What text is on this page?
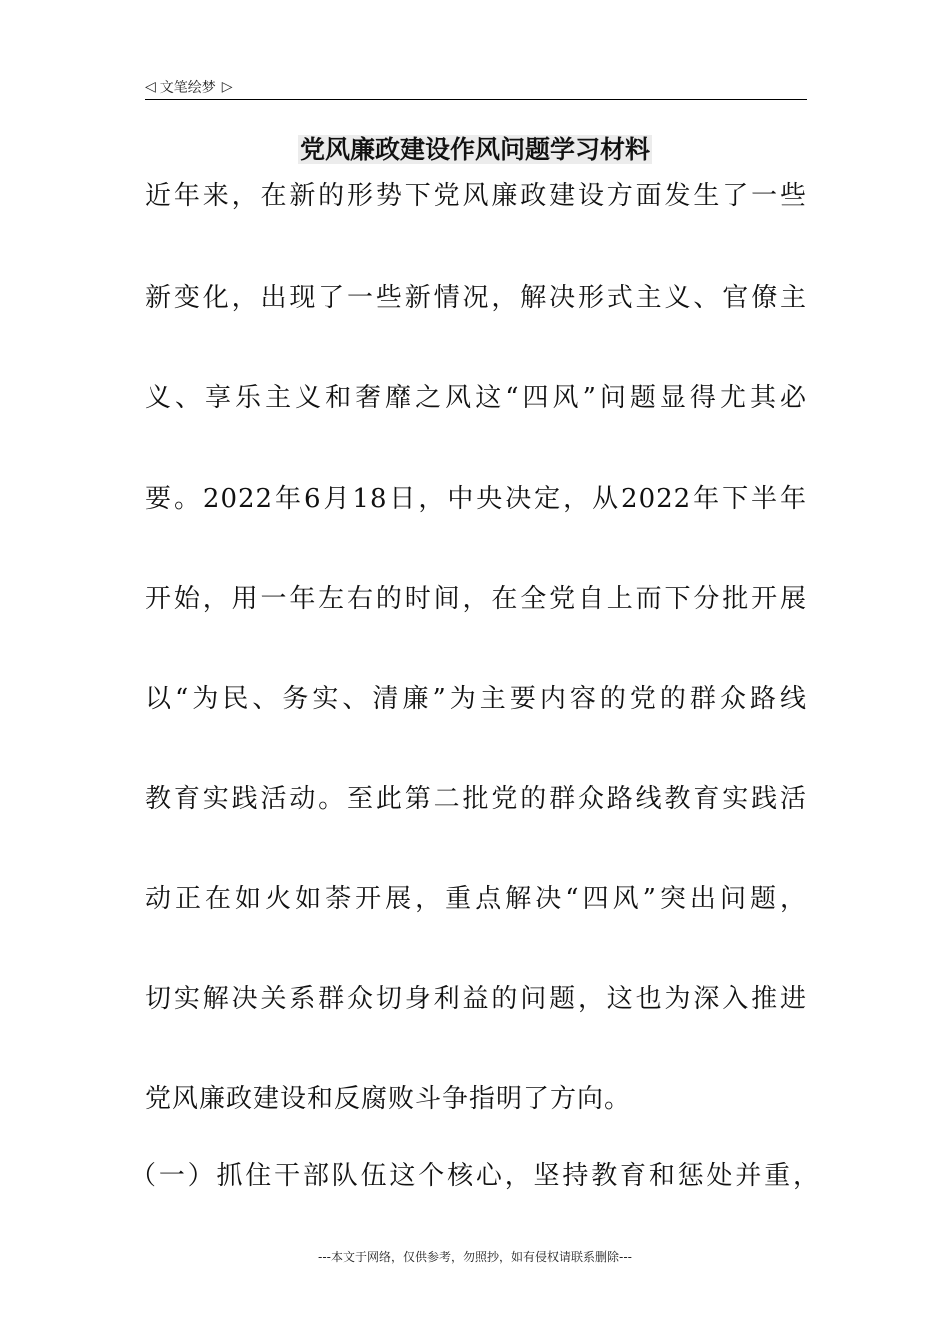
◁ 文笔绘梦 ▷
党风廉政建设作风问题学习材料
近年来，在新的形势下党风廉政建设方面发生了一些
新变化，出现了一些新情况，解决形式主义、官僚主
义、享乐主义和奢靡之风这“四风”问题显得尤其必
要。2022年6月18日，中央决定，从2022年下半年
开始，用一年左右的时间，在全党自上而下分批开展
以“为民、务实、清廉”为主要内容的党的群众路线
教育实践活动。至此第二批党的群众路线教育实践活
动正在如火如荼开展，重点解决“四风”突出问题，
切实解决关系群众切身利益的问题，这也为深入推进
党风廉政建设和反腐败斗争指明了方向。
（一）抓住干部队伍这个核心，坚持教育和惩处并重，
---本文于网络，仅供参考，勿照抄，如有侵权请联系删除---
